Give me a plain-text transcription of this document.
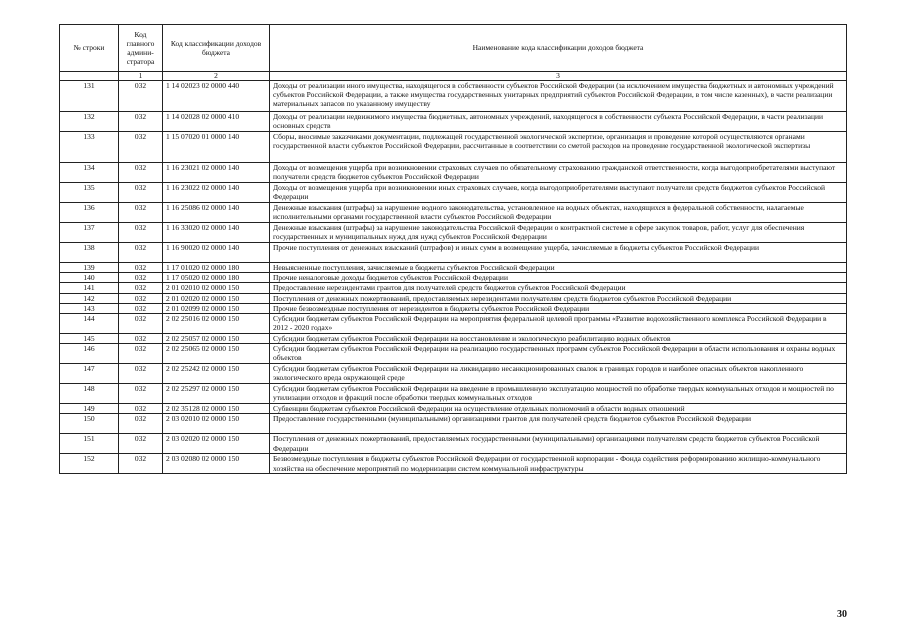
№ строки	Код главного админи-стратора	Код классификации доходов бюджета	Наименование кода классификации доходов бюджета
	1	2	3
131	032	1 14 02023 02 0000 440	Доходы от реализации иного имущества, находящегося в собственности субъектов Российской Федерации (за исключением имущества бюджетных и автономных учреждений субъектов Российской Федерации, а также имущества государственных унитарных предприятий субъектов Российской Федерации, в том числе казенных), в части реализации материальных запасов по указанному имуществу
132	032	1 14 02028 02 0000 410	Доходы от реализации недвижимого имущества бюджетных, автономных учреждений, находящегося в собственности субъекта Российской Федерации, в части реализации основных средств
133	032	1 15 07020 01 0000 140	Сборы, вносимые заказчиками документации, подлежащей государственной экологической экспертизе, организация и проведение которой осуществляются органами государственной власти субъектов Российской Федерации, рассчитанные в соответствии со сметой расходов на проведение государственной экологической экспертизы
134	032	1 16 23021 02 0000 140	Доходы от возмещения ущерба при возникновении страховых случаев по обязательному страхованию гражданской ответственности, когда выгодоприобретателями выступают получатели средств бюджетов субъектов Российской Федерации
135	032	1 16 23022 02 0000 140	Доходы от возмещения ущерба при возникновении иных страховых случаев, когда выгодоприобретателями выступают получатели средств бюджетов субъектов Российской Федерации
136	032	1 16 25086 02 0000 140	Денежные взыскания (штрафы) за нарушение водного законодательства, установленное на водных объектах, находящихся в федеральной собственности, налагаемые исполнительными органами государственной власти субъектов Российской Федерации
137	032	1 16 33020 02 0000 140	Денежные взыскания (штрафы) за нарушение законодательства Российской Федерации о контрактной системе в сфере закупок товаров, работ, услуг для обеспечения государственных и муниципальных нужд для нужд субъектов Российской Федерации
138	032	1 16 90020 02 0000 140	Прочие поступления от денежных взысканий (штрафов) и иных сумм в возмещение ущерба, зачисляемые в бюджеты субъектов Российской Федерации
139	032	1 17 01020 02 0000 180	Невыясненные поступления, зачисляемые в бюджеты субъектов Российской Федерации
140	032	1 17 05020 02 0000 180	Прочие неналоговые доходы бюджетов субъектов Российской Федерации
141	032	2 01 02010 02 0000 150	Предоставление нерезидентами грантов для получателей средств бюджетов субъектов Российской Федерации
142	032	2 01 02020 02 0000 150	Поступления от денежных пожертвований, предоставляемых нерезидентами получателям средств бюджетов субъектов Российской Федерации
143	032	2 01 02099 02 0000 150	Прочие безвозмездные поступления от нерезидентов в бюджеты субъектов Российской Федерации
144	032	2 02 25016 02 0000 150	Субсидии бюджетам субъектов Российской Федерации на мероприятия федеральной целевой программы «Развитие водохозяйственного комплекса Российской Федерации в 2012 - 2020 годах»
145	032	2 02 25057 02 0000 150	Субсидии бюджетам субъектов Российской Федерации на восстановление и экологическую реабилитацию водных объектов
146	032	2 02 25065 02 0000 150	Субсидии бюджетам субъектов Российской Федерации на реализацию государственных программ субъектов Российской Федерации в области использования и охраны водных объектов
147	032	2 02 25242 02 0000 150	Субсидии бюджетам субъектов Российской Федерации на ликвидацию несанкционированных свалок в границах городов и наиболее опасных объектов накопленного экологического вреда окружающей среде
148	032	2 02 25297 02 0000 150	Субсидии бюджетам субъектов Российской Федерации на введение в промышленную эксплуатацию мощностей по обработке твердых коммунальных отходов и мощностей по утилизации отходов и фракций после обработки твердых коммунальных отходов
149	032	2 02 35128 02 0000 150	Субвенции бюджетам субъектов Российской Федерации на осуществление отдельных полномочий в области водных отношений
150	032	2 03 02010 02 0000 150	Предоставление государственными (муниципальными) организациями грантов для получателей средств бюджетов субъектов Российской Федерации
151	032	2 03 02020 02 0000 150	Поступления от денежных пожертвований, предоставляемых государственными (муниципальными) организациями получателям средств бюджетов субъектов Российской Федерации
152	032	2 03 02080 02 0000 150	Безвозмездные поступления в бюджеты субъектов Российской Федерации от государственной корпорации - Фонда содействия реформированию жилищно-коммунального хозяйства на обеспечение мероприятий по модернизации систем коммунальной инфраструктуры
30
